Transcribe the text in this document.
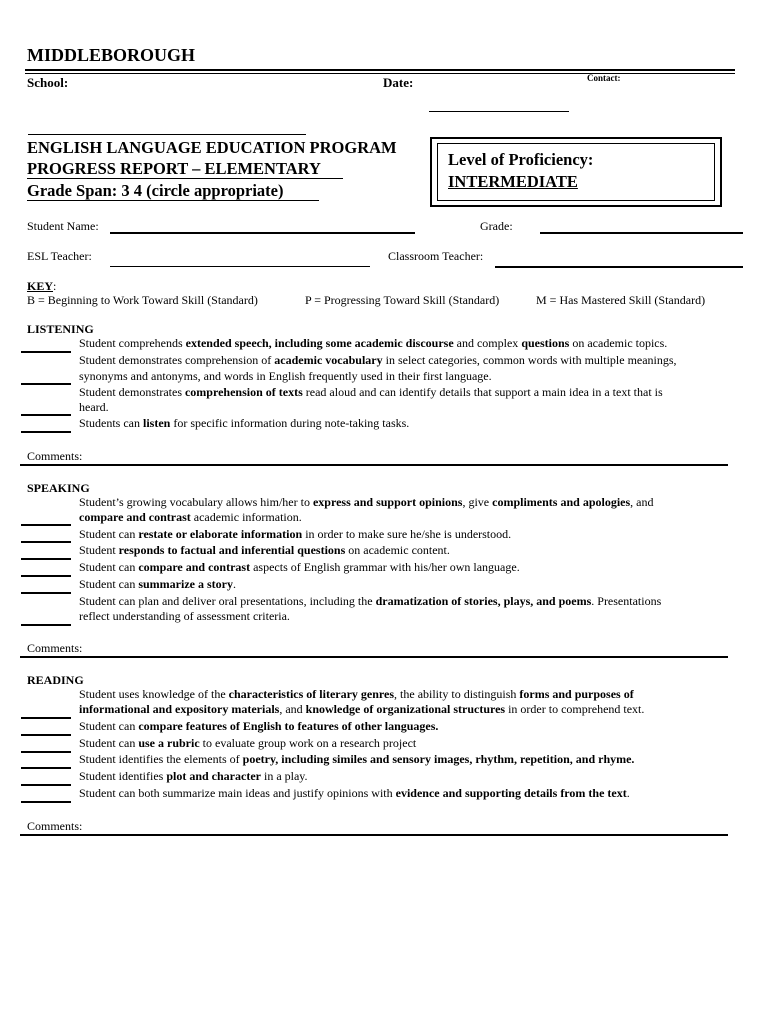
MIDDLEBOROUGH
School:	Date:	Contact:
ENGLISH LANGUAGE EDUCATION PROGRAM
PROGRESS REPORT – ELEMENTARY
Grade Span: 3 4 (circle appropriate)
Level of Proficiency:
INTERMEDIATE
Student Name:	Grade:
ESL Teacher:	Classroom Teacher:
KEY:
B = Beginning to Work Toward Skill (Standard)	P = Progressing Toward Skill (Standard)	M = Has Mastered Skill (Standard)
LISTENING
Student comprehends extended speech, including some academic discourse and complex questions on academic topics.
Student demonstrates comprehension of academic vocabulary in select categories, common words with multiple meanings,
synonyms and antonyms, and words in English frequently used in their first language.
Student demonstrates comprehension of texts read aloud and can identify details that support a main idea in a text that is
heard.
Students can listen for specific information during note-taking tasks.
Comments:
SPEAKING
Student’s growing vocabulary allows him/her to express and support opinions, give compliments and apologies, and
compare and contrast academic information.
Student can restate or elaborate information in order to make sure he/she is understood.
Student responds to factual and inferential questions on academic content.
Student can compare and contrast aspects of English grammar with his/her own language.
Student can summarize a story.
Student can plan and deliver oral presentations, including the dramatization of stories, plays, and poems. Presentations
reflect understanding of assessment criteria.
Comments:
READING
Student uses knowledge of the characteristics of literary genres, the ability to distinguish forms and purposes of
informational and expository materials, and knowledge of organizational structures in order to comprehend text.
Student can compare features of English to features of other languages.
Student can use a rubric to evaluate group work on a research project
Student identifies the elements of poetry, including similes and sensory images, rhythm, repetition, and rhyme.
Student identifies plot and character in a play.
Student can both summarize main ideas and justify opinions with evidence and supporting details from the text.
Comments:
